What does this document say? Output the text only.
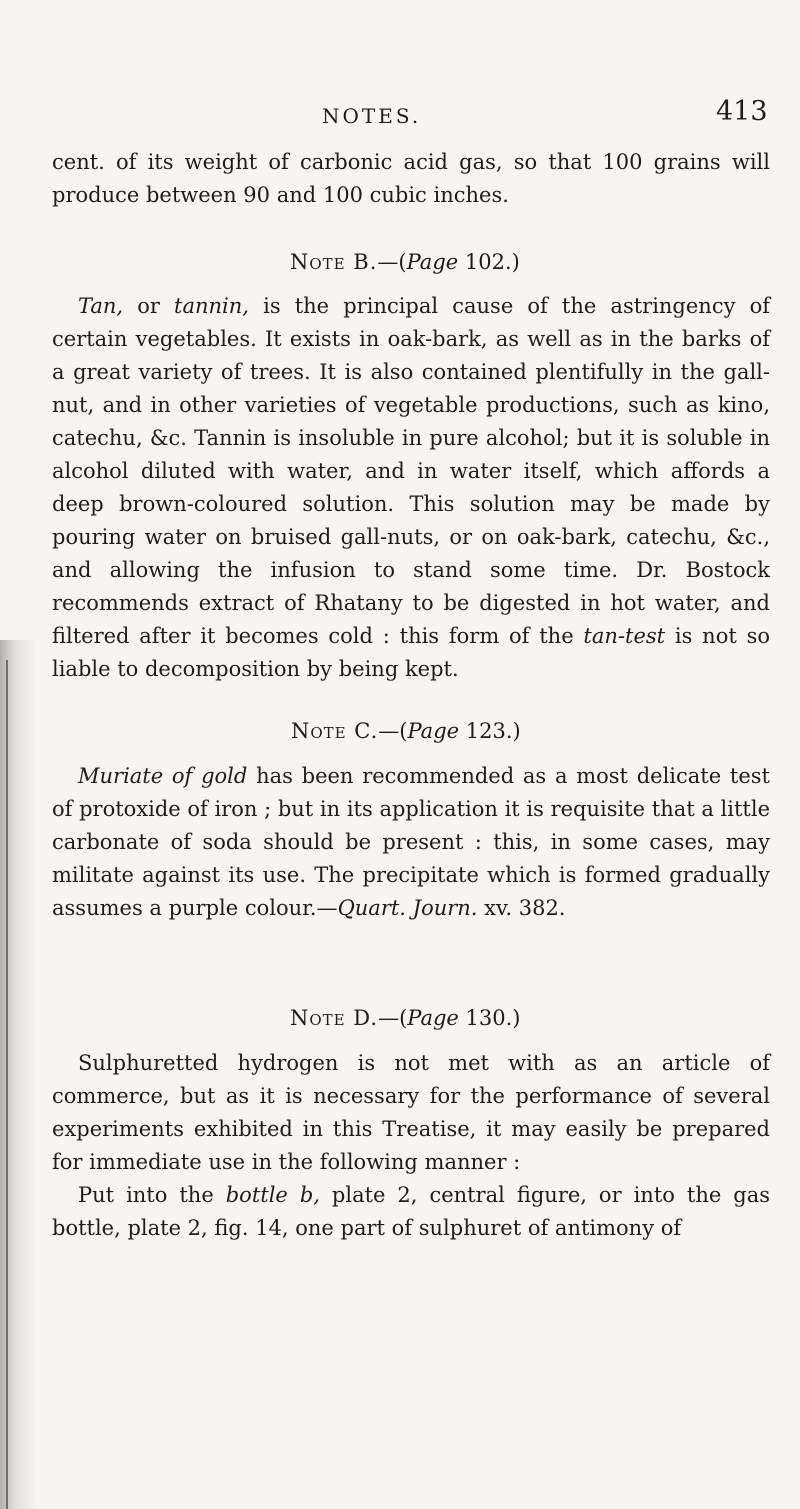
NOTES.	413

cent. of its weight of carbonic acid gas, so that 100 grains will produce between 90 and 100 cubic inches.

Note B.—(Page 102.)

Tan, or tannin, is the principal cause of the astringency of certain vegetables. It exists in oak-bark, as well as in the barks of a great variety of trees. It is also contained plentifully in the gall-nut, and in other varieties of vegetable productions, such as kino, catechu, &c. Tannin is insoluble in pure alcohol; but it is soluble in alcohol diluted with water, and in water itself, which affords a deep brown-coloured solution. This solution may be made by pouring water on bruised gall-nuts, or on oak-bark, catechu, &c., and allowing the infusion to stand some time. Dr. Bostock recommends extract of Rhatany to be digested in hot water, and filtered after it becomes cold : this form of the tan-test is not so liable to decomposition by being kept.

Note C.—(Page 123.)

Muriate of gold has been recommended as a most delicate test of protoxide of iron ; but in its application it is requisite that a little carbonate of soda should be present : this, in some cases, may militate against its use. The precipitate which is formed gradually assumes a purple colour.—Quart. Journ. xv. 382.

Note D.—(Page 130.)

Sulphuretted hydrogen is not met with as an article of commerce, but as it is necessary for the performance of several experiments exhibited in this Treatise, it may easily be prepared for immediate use in the following manner :

Put into the bottle b, plate 2, central figure, or into the gas bottle, plate 2, fig. 14, one part of sulphuret of antimony of
